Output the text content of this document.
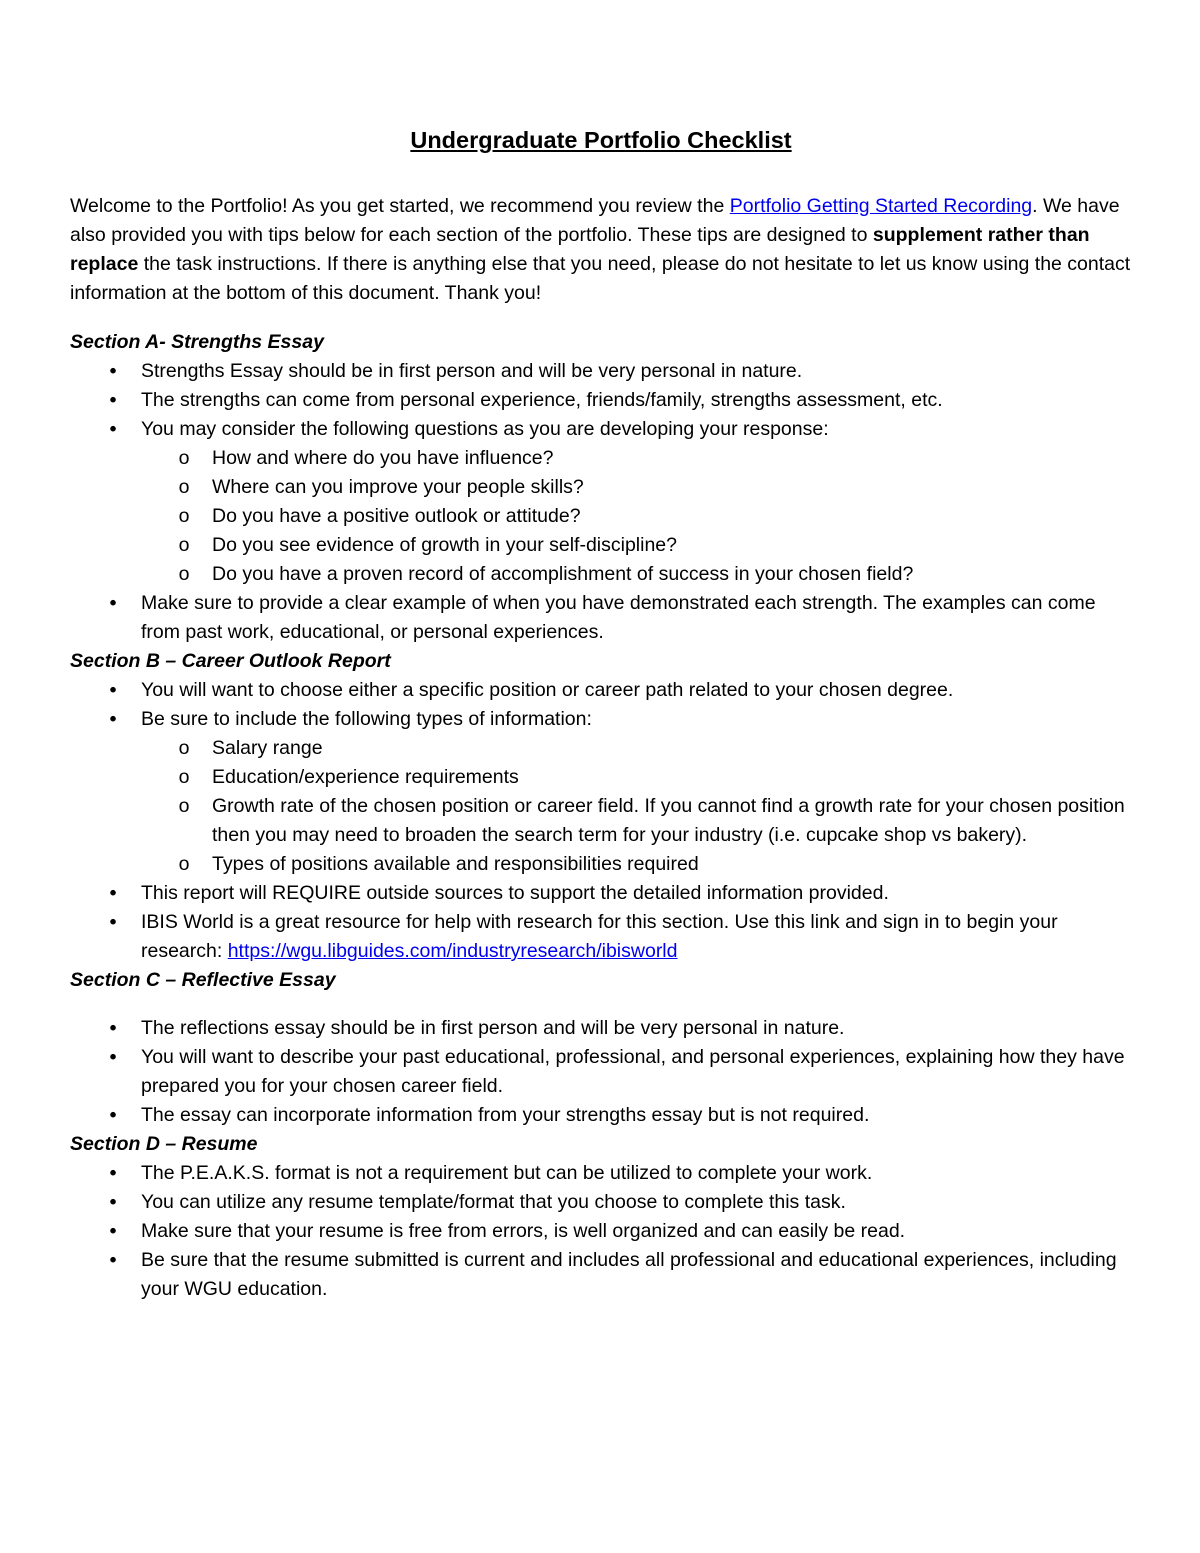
Undergraduate Portfolio Checklist

Welcome to the Portfolio! As you get started, we recommend you review the Portfolio Getting Started Recording. We have also provided you with tips below for each section of the portfolio. These tips are designed to supplement rather than replace the task instructions. If there is anything else that you need, please do not hesitate to let us know using the contact information at the bottom of this document. Thank you!

Section A- Strengths Essay
•	Strengths Essay should be in first person and will be very personal in nature.
•	The strengths can come from personal experience, friends/family, strengths assessment, etc.
•	You may consider the following questions as you are developing your response:
o How and where do you have influence?
o Where can you improve your people skills?
o Do you have a positive outlook or attitude?
o Do you see evidence of growth in your self-discipline?
o Do you have a proven record of accomplishment of success in your chosen field?
•	Make sure to provide a clear example of when you have demonstrated each strength. The examples can come from past work, educational, or personal experiences.
Section B – Career Outlook Report
•	You will want to choose either a specific position or career path related to your chosen degree.
•	Be sure to include the following types of information:
o Salary range
o Education/experience requirements
o Growth rate of the chosen position or career field. If you cannot find a growth rate for your chosen position then you may need to broaden the search term for your industry (i.e. cupcake shop vs bakery).
o Types of positions available and responsibilities required
•	This report will REQUIRE outside sources to support the detailed information provided.
•	IBIS World is a great resource for help with research for this section. Use this link and sign in to begin your research: https://wgu.libguides.com/industryresearch/ibisworld
Section C – Reflective Essay
•	The reflections essay should be in first person and will be very personal in nature.
•	You will want to describe your past educational, professional, and personal experiences, explaining how they have prepared you for your chosen career field.
•	The essay can incorporate information from your strengths essay but is not required.
Section D – Resume
•	The P.E.A.K.S. format is not a requirement but can be utilized to complete your work.
•	You can utilize any resume template/format that you choose to complete this task.
•	Make sure that your resume is free from errors, is well organized and can easily be read.
•	Be sure that the resume submitted is current and includes all professional and educational experiences, including your WGU education.
